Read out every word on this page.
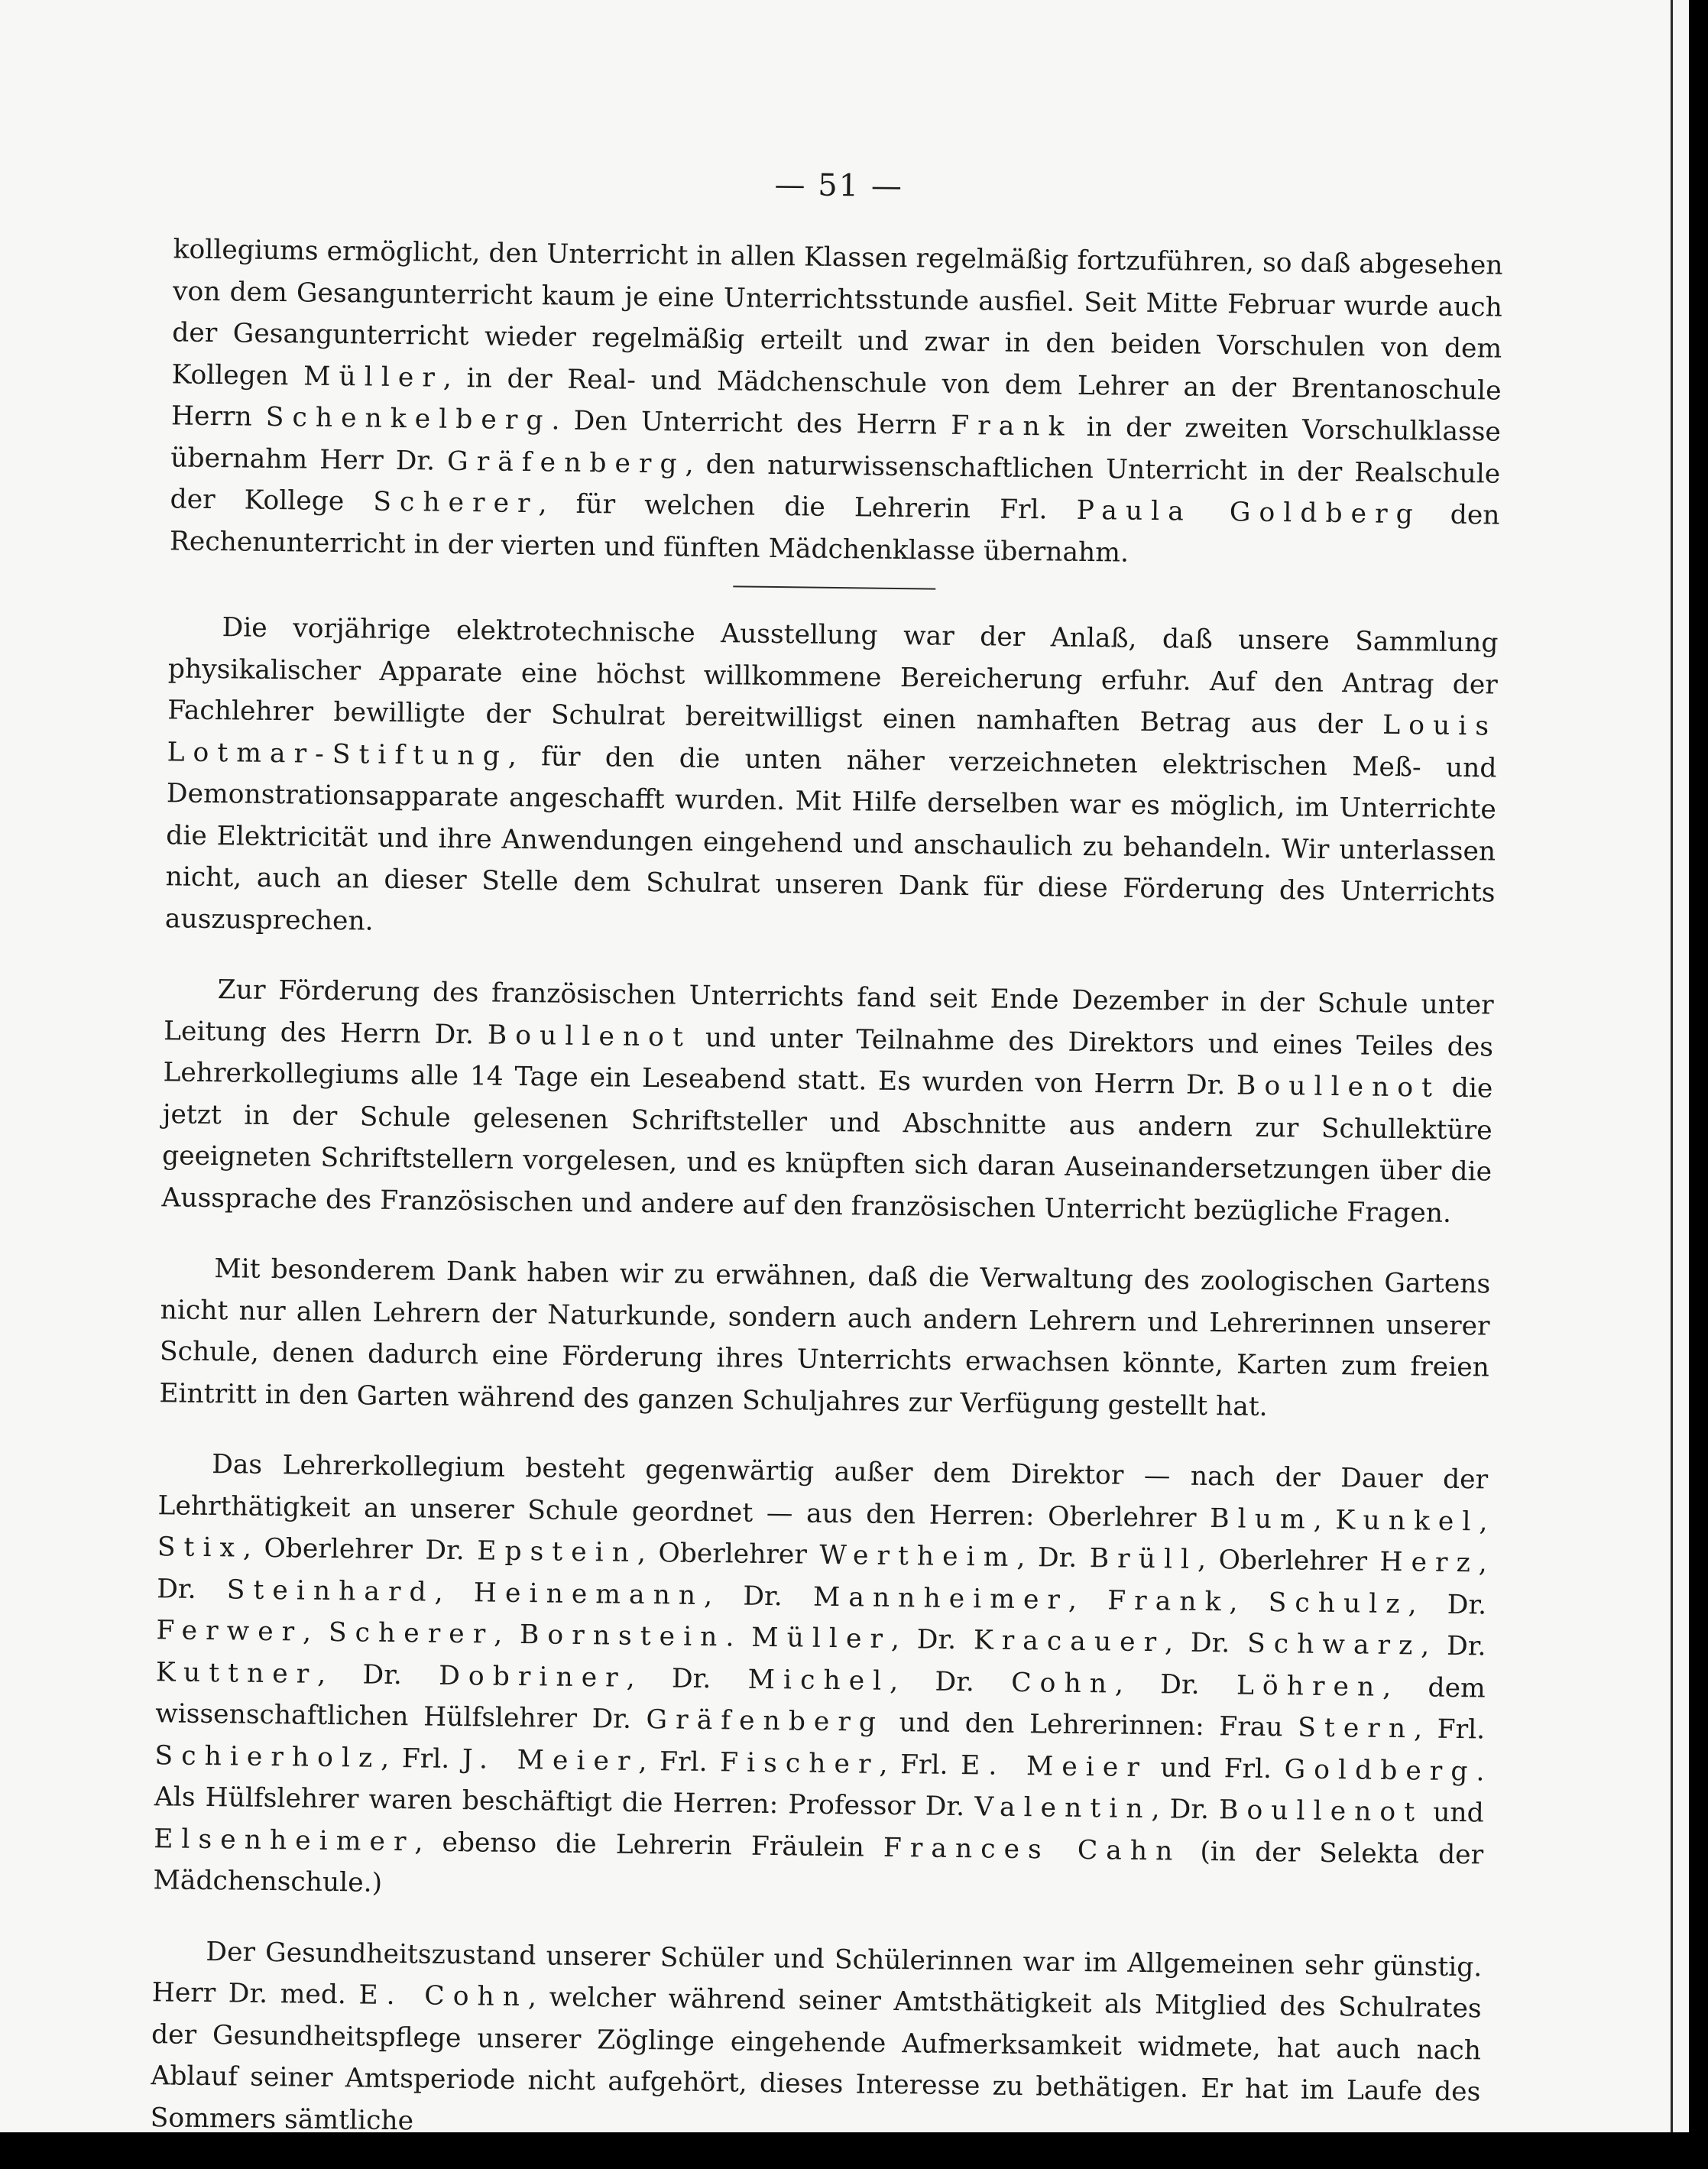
— 51 —

kollegiums ermöglicht, den Unterricht in allen Klassen regelmäßig fortzuführen, so daß abgesehen von dem Gesangunterricht kaum je eine Unterrichtsstunde ausfiel. Seit Mitte Februar wurde auch der Gesangunterricht wieder regelmäßig erteilt und zwar in den beiden Vorschulen von dem Kollegen Müller, in der Real- und Mädchenschule von dem Lehrer an der Brentanoschule Herrn Schenkelberg. Den Unterricht des Herrn Frank in der zweiten Vorschulklasse übernahm Herr Dr. Gräfenberg, den naturwissenschaftlichen Unterricht in der Realschule der Kollege Scherer, für welchen die Lehrerin Frl. Paula Goldberg den Rechenunterricht in der vierten und fünften Mädchenklasse übernahm.

Die vorjährige elektrotechnische Ausstellung war der Anlaß, daß unsere Sammlung physikalischer Apparate eine höchst willkommene Bereicherung erfuhr. Auf den Antrag der Fachlehrer bewilligte der Schulrat bereitwilligst einen namhaften Betrag aus der Louis Lotmar-Stiftung, für den die unten näher verzeichneten elektrischen Meß- und Demonstrationsapparate angeschafft wurden. Mit Hilfe derselben war es möglich, im Unterrichte die Elektricität und ihre Anwendungen eingehend und anschaulich zu behandeln. Wir unterlassen nicht, auch an dieser Stelle dem Schulrat unseren Dank für diese Förderung des Unterrichts auszusprechen.

Zur Förderung des französischen Unterrichts fand seit Ende Dezember in der Schule unter Leitung des Herrn Dr. Boullenot und unter Teilnahme des Direktors und eines Teiles des Lehrerkollegiums alle 14 Tage ein Leseabend statt. Es wurden von Herrn Dr. Boullenot die jetzt in der Schule gelesenen Schriftsteller und Abschnitte aus andern zur Schullektüre geeigneten Schriftstellern vorgelesen, und es knüpften sich daran Auseinandersetzungen über die Aussprache des Französischen und andere auf den französischen Unterricht bezügliche Fragen.

Mit besonderem Dank haben wir zu erwähnen, daß die Verwaltung des zoologischen Gartens nicht nur allen Lehrern der Naturkunde, sondern auch andern Lehrern und Lehrerinnen unserer Schule, denen dadurch eine Förderung ihres Unterrichts erwachsen könnte, Karten zum freien Eintritt in den Garten während des ganzen Schuljahres zur Verfügung gestellt hat.

Das Lehrerkollegium besteht gegenwärtig außer dem Direktor — nach der Dauer der Lehrthätigkeit an unserer Schule geordnet — aus den Herren: Oberlehrer Blum, Kunkel, Stix, Oberlehrer Dr. Epstein, Oberlehrer Wertheim, Dr. Brüll, Oberlehrer Herz, Dr. Steinhard, Heinemann, Dr. Mannheimer, Frank, Schulz, Dr. Ferwer, Scherer, Bornstein. Müller, Dr. Kracauer, Dr. Schwarz, Dr. Kuttner, Dr. Dobriner, Dr. Michel, Dr. Cohn, Dr. Löhren, dem wissenschaftlichen Hülfslehrer Dr. Gräfenberg und den Lehrerinnen: Frau Stern, Frl. Schierholz, Frl. J. Meier, Frl. Fischer, Frl. E. Meier und Frl. Goldberg. Als Hülfslehrer waren beschäftigt die Herren: Professor Dr. Valentin, Dr. Boullenot und Elsenheimer, ebenso die Lehrerin Fräulein Frances Cahn (in der Selekta der Mädchenschule.)

Der Gesundheitszustand unserer Schüler und Schülerinnen war im Allgemeinen sehr günstig. Herr Dr. med. E. Cohn, welcher während seiner Amtsthätigkeit als Mitglied des Schulrates der Gesundheitspflege unserer Zöglinge eingehende Aufmerksamkeit widmete, hat auch nach Ablauf seiner Amtsperiode nicht aufgehört, dieses Interesse zu bethätigen. Er hat im Laufe des Sommers sämtliche
